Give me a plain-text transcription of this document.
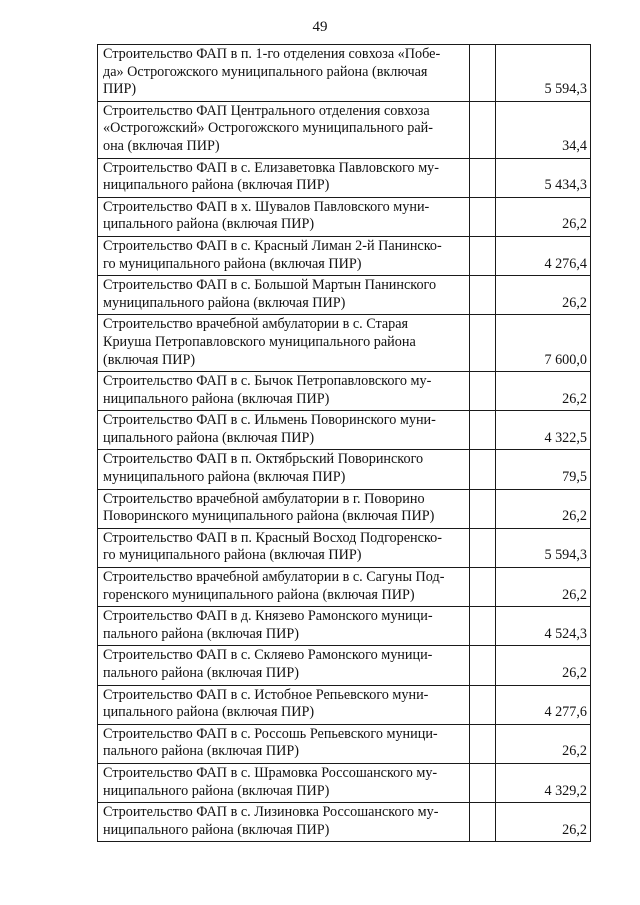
49
Строительство ФАП в п. 1-го отделения совхоза «Побе-
да» Острогожского муниципального района (включая
ПИР)		5 594,3

Строительство ФАП Центрального отделения совхоза
«Острогожский» Острогожского муниципального рай-
она (включая ПИР)		34,4

Строительство ФАП в с. Елизаветовка Павловского му-
ниципального района (включая ПИР)		5 434,3

Строительство ФАП в х. Шувалов Павловского муни-
ципального района (включая ПИР)		26,2

Строительство ФАП в с. Красный Лиман 2-й Панинско-
го муниципального района (включая ПИР)		4 276,4

Строительство ФАП в с. Большой Мартын Панинского
муниципального района (включая ПИР)		26,2

Строительство врачебной амбулатории в с. Старая
Криуша Петропавловского муниципального района
(включая ПИР)		7 600,0

Строительство ФАП в с. Бычок Петропавловского му-
ниципального района (включая ПИР)		26,2

Строительство ФАП в с. Ильмень Поворинского муни-
ципального района (включая ПИР)		4 322,5

Строительство ФАП в п. Октябрьский Поворинского
муниципального района (включая ПИР)		79,5

Строительство врачебной амбулатории в г. Поворино
Поворинского муниципального района (включая ПИР)		26,2

Строительство ФАП в п. Красный Восход Подгоренско-
го муниципального района (включая ПИР)		5 594,3

Строительство врачебной амбулатории в с. Сагуны Под-
горенского муниципального района (включая ПИР)		26,2

Строительство ФАП в д. Князево Рамонского муници-
пального района (включая ПИР)		4 524,3

Строительство ФАП в с. Скляево Рамонского муници-
пального района (включая ПИР)		26,2

Строительство ФАП в с. Истобное Репьевского муни-
ципального района (включая ПИР)		4 277,6

Строительство ФАП в с. Россошь Репьевского муници-
пального района (включая ПИР)		26,2

Строительство ФАП в с. Шрамовка Россошанского му-
ниципального района (включая ПИР)		4 329,2

Строительство ФАП в с. Лизиновка Россошанского му-
ниципального района (включая ПИР)		26,2
